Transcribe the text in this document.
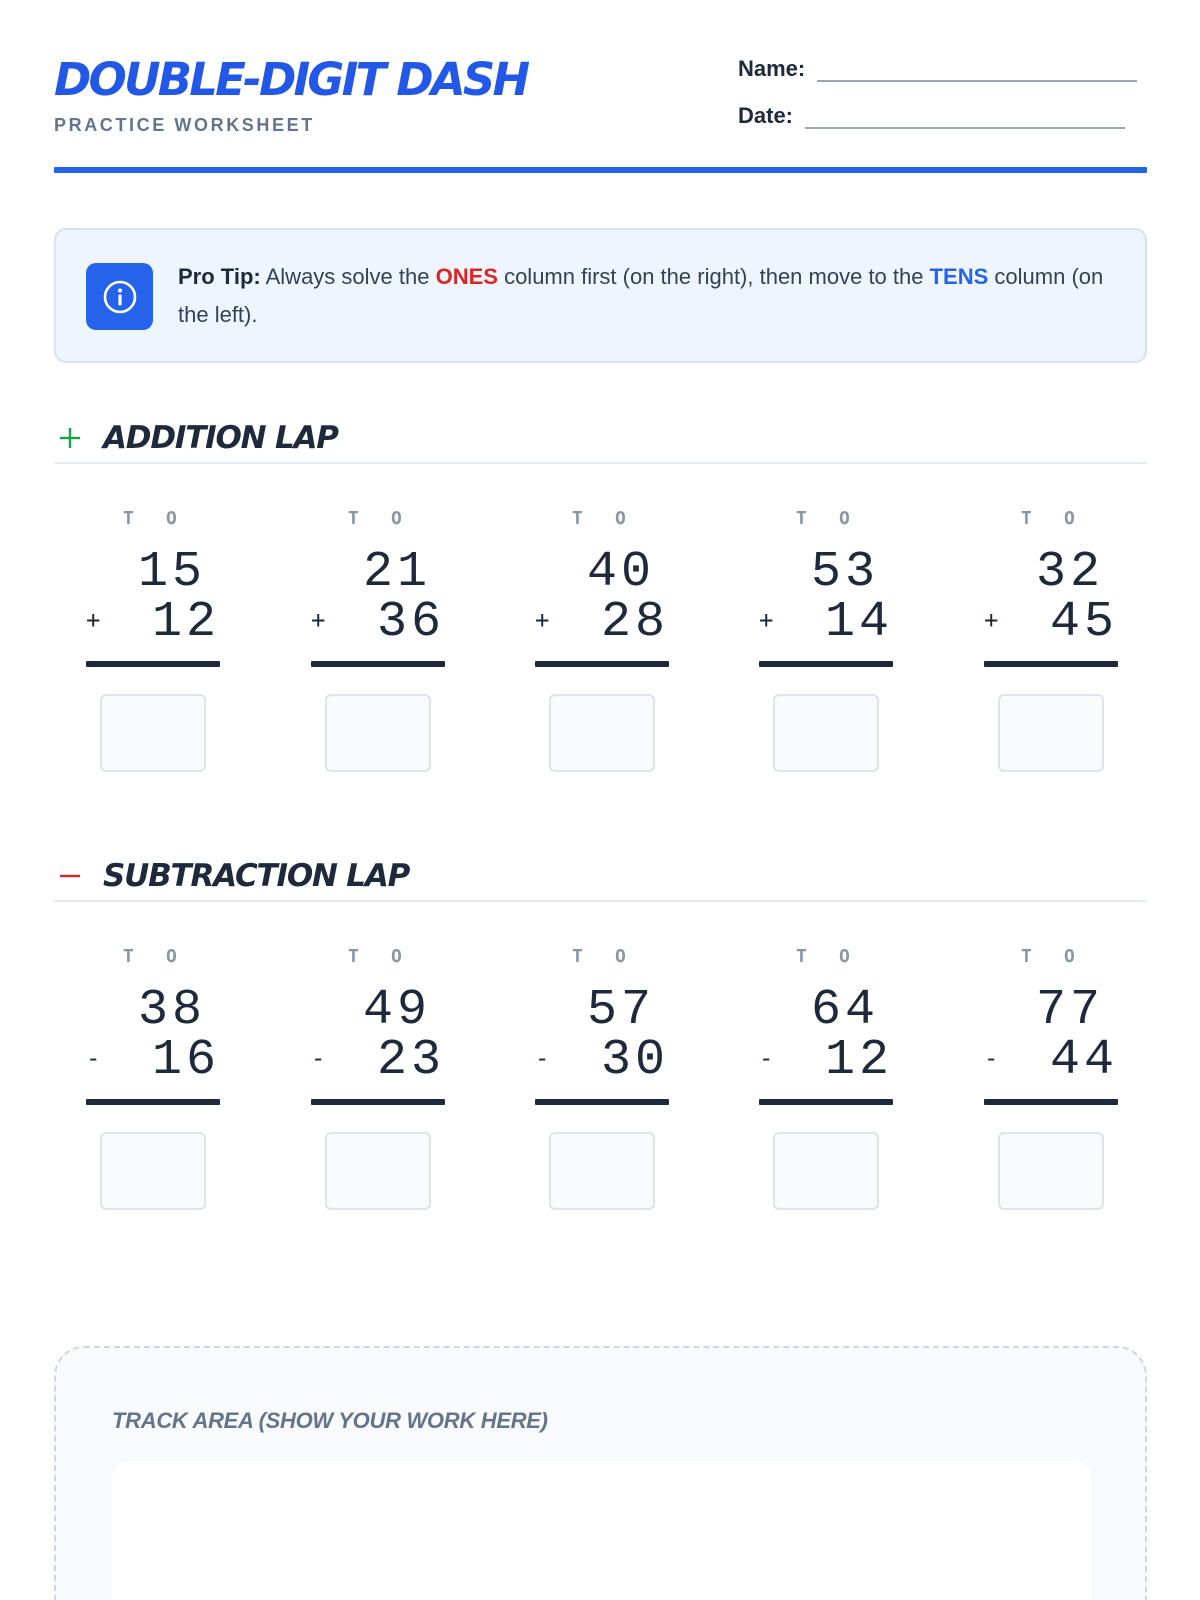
DOUBLE-DIGIT DASH
PRACTICE WORKSHEET
Name:
Date:
Pro Tip: Always solve the ONES column first (on the right), then move to the TENS column (on the left).
ADDITION LAP
T O
15
+	12
T O
21
+	36
T O
40
+	28
T O
53
+	14
T O
32
+	45
SUBTRACTION LAP
T O
38
-	16
T O
49
-	23
T O
57
-	30
T O
64
-	12
T O
77
-	44
TRACK AREA (SHOW YOUR WORK HERE)
